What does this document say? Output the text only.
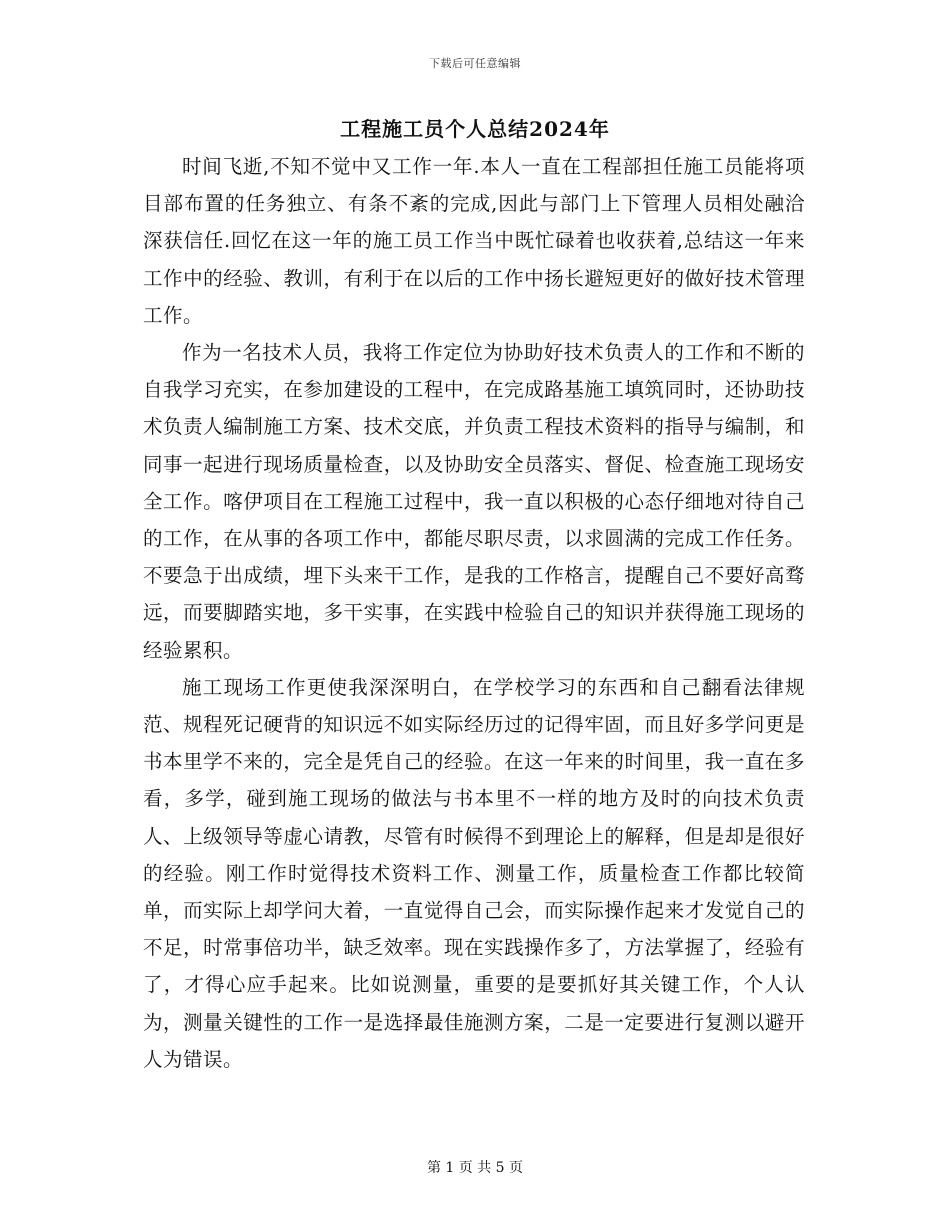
下载后可任意编辑
工程施工员个人总结2024年

时间飞逝,不知不觉中又工作一年.本人一直在工程部担任施工员能将项目部布置的任务独立、有条不紊的完成,因此与部门上下管理人员相处融洽深获信任.回忆在这一年的施工员工作当中既忙碌着也收获着,总结这一年来工作中的经验、教训，有利于在以后的工作中扬长避短更好的做好技术管理工作。

作为一名技术人员，我将工作定位为协助好技术负责人的工作和不断的自我学习充实，在参加建设的工程中，在完成路基施工填筑同时，还协助技术负责人编制施工方案、技术交底，并负责工程技术资料的指导与编制，和同事一起进行现场质量检查，以及协助安全员落实、督促、检查施工现场安全工作。喀伊项目在工程施工过程中，我一直以积极的心态仔细地对待自己的工作，在从事的各项工作中，都能尽职尽责，以求圆满的完成工作任务。不要急于出成绩，埋下头来干工作，是我的工作格言，提醒自己不要好高骛远，而要脚踏实地，多干实事，在实践中检验自己的知识并获得施工现场的经验累积。

施工现场工作更使我深深明白，在学校学习的东西和自己翻看法律规范、规程死记硬背的知识远不如实际经历过的记得牢固，而且好多学问更是书本里学不来的，完全是凭自己的经验。在这一年来的时间里，我一直在多看，多学，碰到施工现场的做法与书本里不一样的地方及时的向技术负责人、上级领导等虚心请教，尽管有时候得不到理论上的解释，但是却是很好的经验。刚工作时觉得技术资料工作、测量工作，质量检查工作都比较简单，而实际上却学问大着，一直觉得自己会，而实际操作起来才发觉自己的不足，时常事倍功半，缺乏效率。现在实践操作多了，方法掌握了，经验有了，才得心应手起来。比如说测量，重要的是要抓好其关键工作，个人认为，测量关键性的工作一是选择最佳施测方案，二是一定要进行复测以避开人为错误。

第 1 页 共 5 页
